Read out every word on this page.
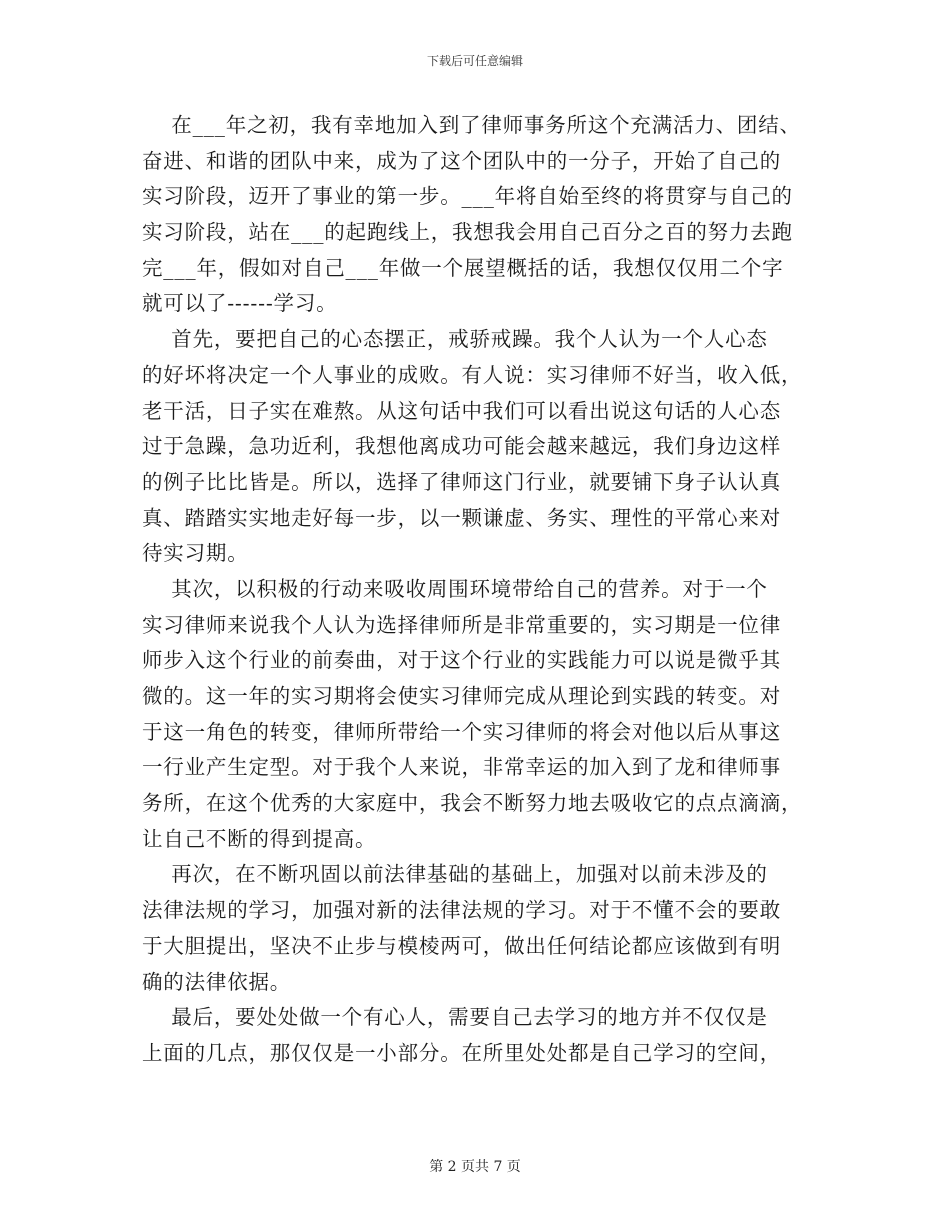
下载后可任意编辑
在___年之初，我有幸地加入到了律师事务所这个充满活力、团结、
奋进、和谐的团队中来，成为了这个团队中的一分子，开始了自己的
实习阶段，迈开了事业的第一步。___年将自始至终的将贯穿与自己的
实习阶段，站在___的起跑线上，我想我会用自己百分之百的努力去跑
完___年，假如对自己___年做一个展望概括的话，我想仅仅用二个字
就可以了------学习。
首先，要把自己的心态摆正，戒骄戒躁。我个人认为一个人心态
的好坏将决定一个人事业的成败。有人说：实习律师不好当，收入低，
老干活，日子实在难熬。从这句话中我们可以看出说这句话的人心态
过于急躁，急功近利，我想他离成功可能会越来越远，我们身边这样
的例子比比皆是。所以，选择了律师这门行业，就要铺下身子认认真
真、踏踏实实地走好每一步，以一颗谦虚、务实、理性的平常心来对
待实习期。
其次，以积极的行动来吸收周围环境带给自己的营养。对于一个
实习律师来说我个人认为选择律师所是非常重要的，实习期是一位律
师步入这个行业的前奏曲，对于这个行业的实践能力可以说是微乎其
微的。这一年的实习期将会使实习律师完成从理论到实践的转变。对
于这一角色的转变，律师所带给一个实习律师的将会对他以后从事这
一行业产生定型。对于我个人来说，非常幸运的加入到了龙和律师事
务所，在这个优秀的大家庭中，我会不断努力地去吸收它的点点滴滴，
让自己不断的得到提高。
再次，在不断巩固以前法律基础的基础上，加强对以前未涉及的
法律法规的学习，加强对新的法律法规的学习。对于不懂不会的要敢
于大胆提出，坚决不止步与模棱两可，做出任何结论都应该做到有明
确的法律依据。
最后，要处处做一个有心人，需要自己去学习的地方并不仅仅是
上面的几点，那仅仅是一小部分。在所里处处都是自己学习的空间，
第 2 页共 7 页
